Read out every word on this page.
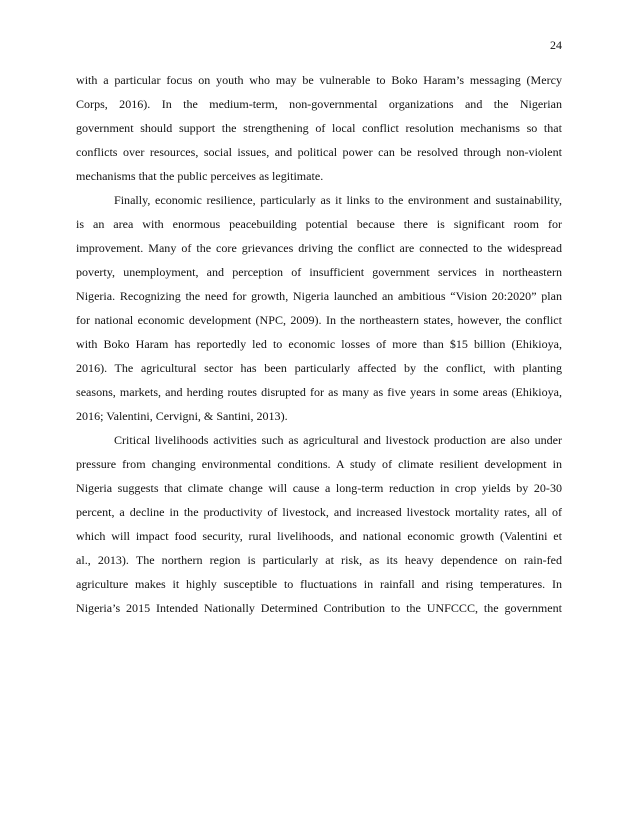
24
with a particular focus on youth who may be vulnerable to Boko Haram’s messaging (Mercy
Corps, 2016). In the medium-term, non-governmental organizations and the Nigerian
government should support the strengthening of local conflict resolution mechanisms so that
conflicts over resources, social issues, and political power can be resolved through non-violent
mechanisms that the public perceives as legitimate.
Finally, economic resilience, particularly as it links to the environment and sustainability,
is an area with enormous peacebuilding potential because there is significant room for
improvement. Many of the core grievances driving the conflict are connected to the widespread
poverty, unemployment, and perception of insufficient government services in northeastern
Nigeria. Recognizing the need for growth, Nigeria launched an ambitious “Vision 20:2020” plan
for national economic development (NPC, 2009). In the northeastern states, however, the conflict
with Boko Haram has reportedly led to economic losses of more than $15 billion (Ehikioya,
2016). The agricultural sector has been particularly affected by the conflict, with planting
seasons, markets, and herding routes disrupted for as many as five years in some areas (Ehikioya,
2016; Valentini, Cervigni, & Santini, 2013).
Critical livelihoods activities such as agricultural and livestock production are also under
pressure from changing environmental conditions. A study of climate resilient development in
Nigeria suggests that climate change will cause a long-term reduction in crop yields by 20-30
percent, a decline in the productivity of livestock, and increased livestock mortality rates, all of
which will impact food security, rural livelihoods, and national economic growth (Valentini et
al., 2013). The northern region is particularly at risk, as its heavy dependence on rain-fed
agriculture makes it highly susceptible to fluctuations in rainfall and rising temperatures. In
Nigeria’s 2015 Intended Nationally Determined Contribution to the UNFCCC, the government
